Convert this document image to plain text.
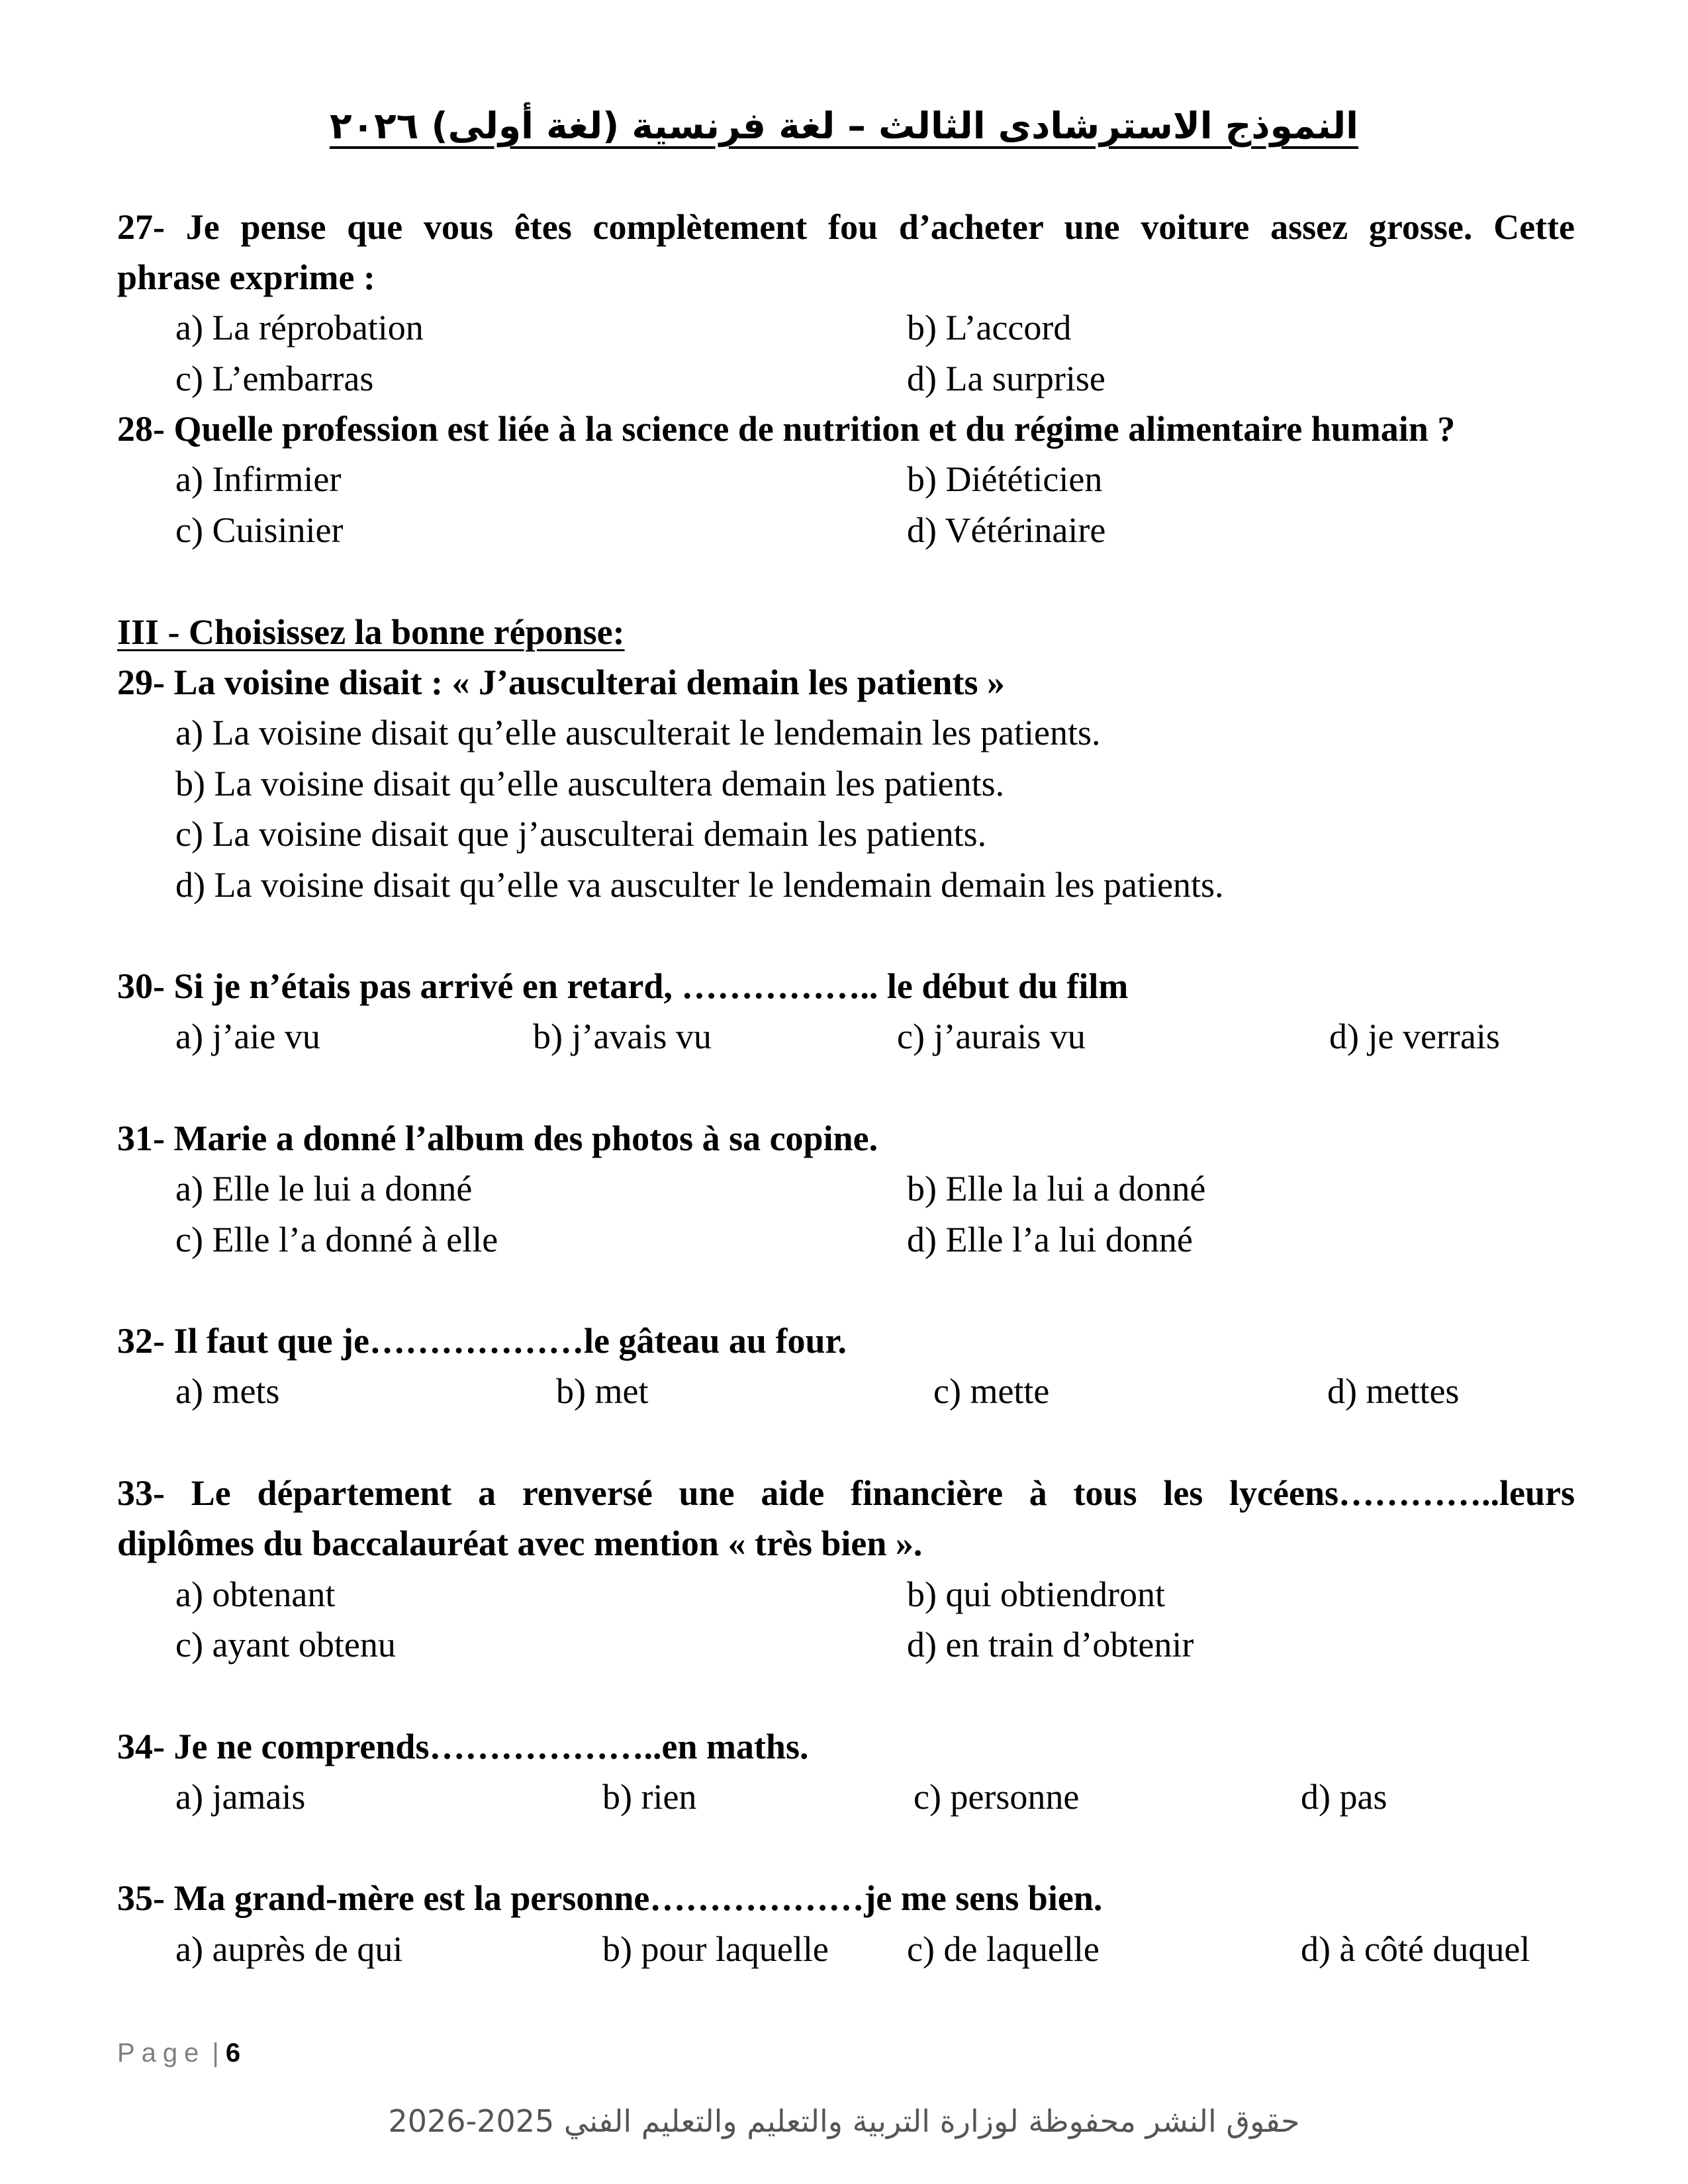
النموذج الاسترشادى الثالث – لغة فرنسية (لغة أولى) ٢٠٢٦
27- Je pense que vous êtes complètement fou d’acheter une voiture assez grosse. Cette
phrase exprime :
a) La réprobation	b) L’accord
c) L’embarras	d) La surprise
28- Quelle profession est liée à la science de nutrition et du régime alimentaire humain ?
a) Infirmier	b) Diététicien
c) Cuisinier	d) Vétérinaire
III - Choisissez la bonne réponse:
29- La voisine disait : « J’ausculterai demain les patients »
a) La voisine disait qu’elle ausculterait le lendemain les patients.
b) La voisine disait qu’elle auscultera demain les patients.
c) La voisine disait que j’ausculterai demain les patients.
d) La voisine disait qu’elle va ausculter le lendemain demain les patients.
30- Si je n’étais pas arrivé en retard, …………….. le début du film
a) j’aie vu	b) j’avais vu	c) j’aurais vu	d) je verrais
31- Marie a donné l’album des photos à sa copine.
a) Elle le lui a donné	b) Elle la lui a donné
c) Elle l’a donné à elle	d) Elle l’a lui donné
32- Il faut que je………………le gâteau au four.
a) mets	b) met	c) mette	d) mettes
33- Le département a renversé une aide financière à tous les lycéens…………..leurs
diplômes du baccalauréat avec mention « très bien ».
a) obtenant	b) qui obtiendront
c) ayant obtenu	d) en train d’obtenir
34- Je ne comprends………………..en maths.
a) jamais	b) rien	c) personne	d) pas
35- Ma grand-mère est la personne………………je me sens bien.
a) auprès de qui	b) pour laquelle c) de laquelle	d) à côté duquel
Page | 6
حقوق النشر محفوظة لوزارة التربية والتعليم والتعليم الفني 2025-2026
